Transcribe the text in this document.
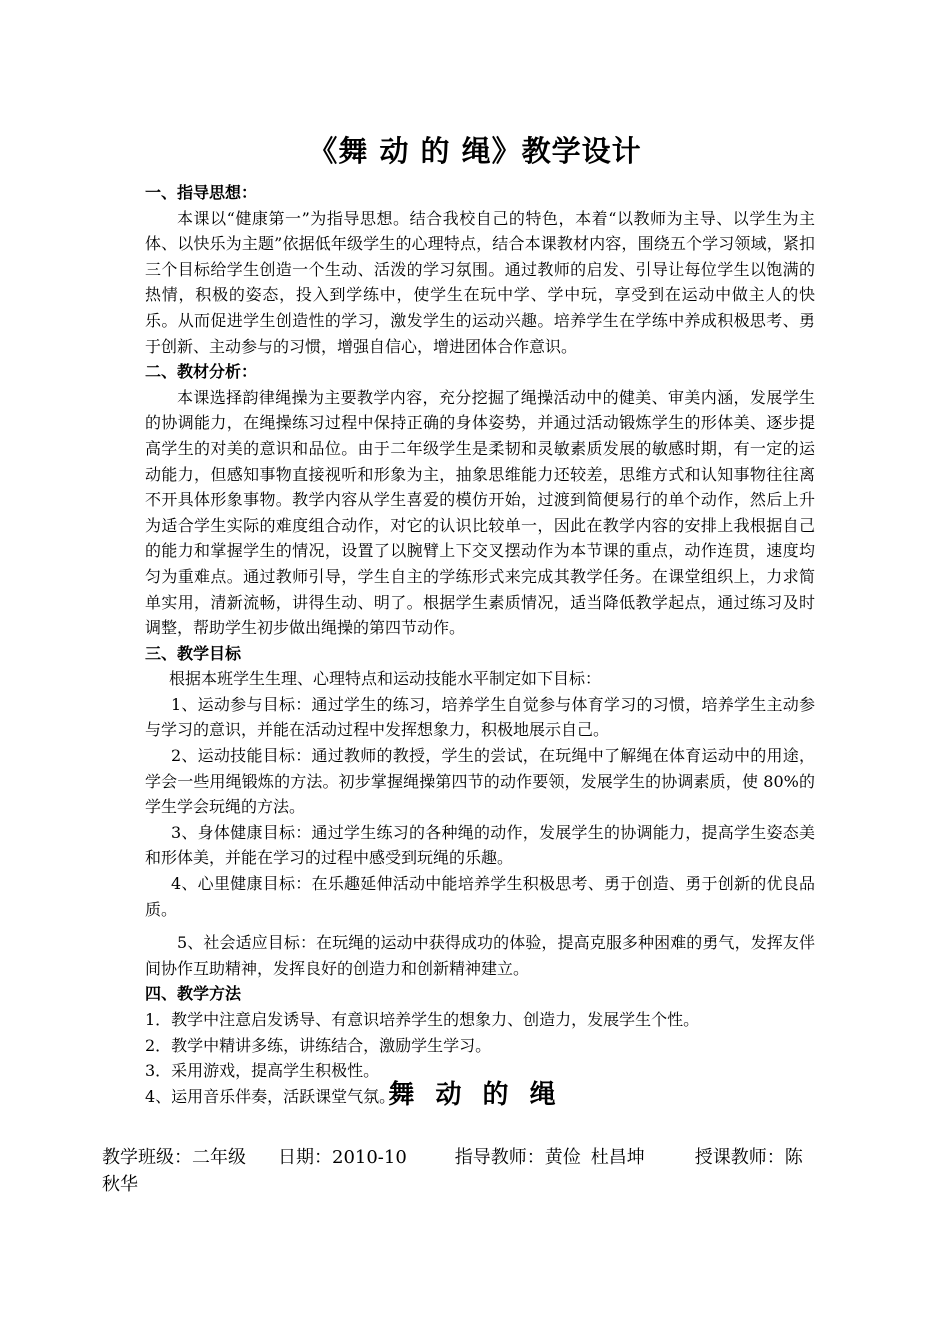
《舞 动 的 绳》教学设计

一、指导思想：

本课以“健康第一”为指导思想。结合我校自己的特色，本着“以教师为主导、以学生为主体、以快乐为主题”依据低年级学生的心理特点，结合本课教材内容，围绕五个学习领域，紧扣三个目标给学生创造一个生动、活泼的学习氛围。通过教师的启发、引导让每位学生以饱满的热情，积极的姿态，投入到学练中，使学生在玩中学、学中玩，享受到在运动中做主人的快乐。从而促进学生创造性的学习，激发学生的运动兴趣。培养学生在学练中养成积极思考、勇于创新、主动参与的习惯，增强自信心，增进团体合作意识。

二、教材分析：

本课选择韵律绳操为主要教学内容，充分挖掘了绳操活动中的健美、审美内涵，发展学生的协调能力，在绳操练习过程中保持正确的身体姿势，并通过活动锻炼学生的形体美、逐步提高学生的对美的意识和品位。由于二年级学生是柔韧和灵敏素质发展的敏感时期，有一定的运动能力，但感知事物直接视听和形象为主，抽象思维能力还较差，思维方式和认知事物往往离不开具体形象事物。教学内容从学生喜爱的模仿开始，过渡到简便易行的单个动作，然后上升为适合学生实际的难度组合动作，对它的认识比较单一，因此在教学内容的安排上我根据自己的能力和掌握学生的情况，设置了以腕臂上下交叉摆动作为本节课的重点，动作连贯，速度均匀为重难点。通过教师引导，学生自主的学练形式来完成其教学任务。在课堂组织上，力求简单实用，清新流畅，讲得生动、明了。根据学生素质情况，适当降低教学起点，通过练习及时调整，帮助学生初步做出绳操的第四节动作。

三、教学目标

根据本班学生生理、心理特点和运动技能水平制定如下目标：

1、运动参与目标：通过学生的练习，培养学生自觉参与体育学习的习惯，培养学生主动参与学习的意识，并能在活动过程中发挥想象力，积极地展示自己。

2、运动技能目标：通过教师的教授，学生的尝试，在玩绳中了解绳在体育运动中的用途，学会一些用绳锻炼的方法。初步掌握绳操第四节的动作要领，发展学生的协调素质，使 80%的学生学会玩绳的方法。

3、身体健康目标：通过学生练习的各种绳的动作，发展学生的协调能力，提高学生姿态美和形体美，并能在学习的过程中感受到玩绳的乐趣。

4、心里健康目标：在乐趣延伸活动中能培养学生积极思考、勇于创造、勇于创新的优良品质。

5、社会适应目标：在玩绳的运动中获得成功的体验，提高克服多种困难的勇气，发挥友伴间协作互助精神，发挥良好的创造力和创新精神建立。

四、教学方法

1．教学中注意启发诱导、有意识培养学生的想象力、创造力，发展学生个性。

2．教学中精讲多练，讲练结合，激励学生学习。

3．采用游戏，提高学生积极性。

4、运用音乐伴奏，活跃课堂气氛。

舞 动 的 绳
教学班级：二年级 日期：2010-10	指导教师：黄俭 杜昌坤	授课教师：陈秋华
